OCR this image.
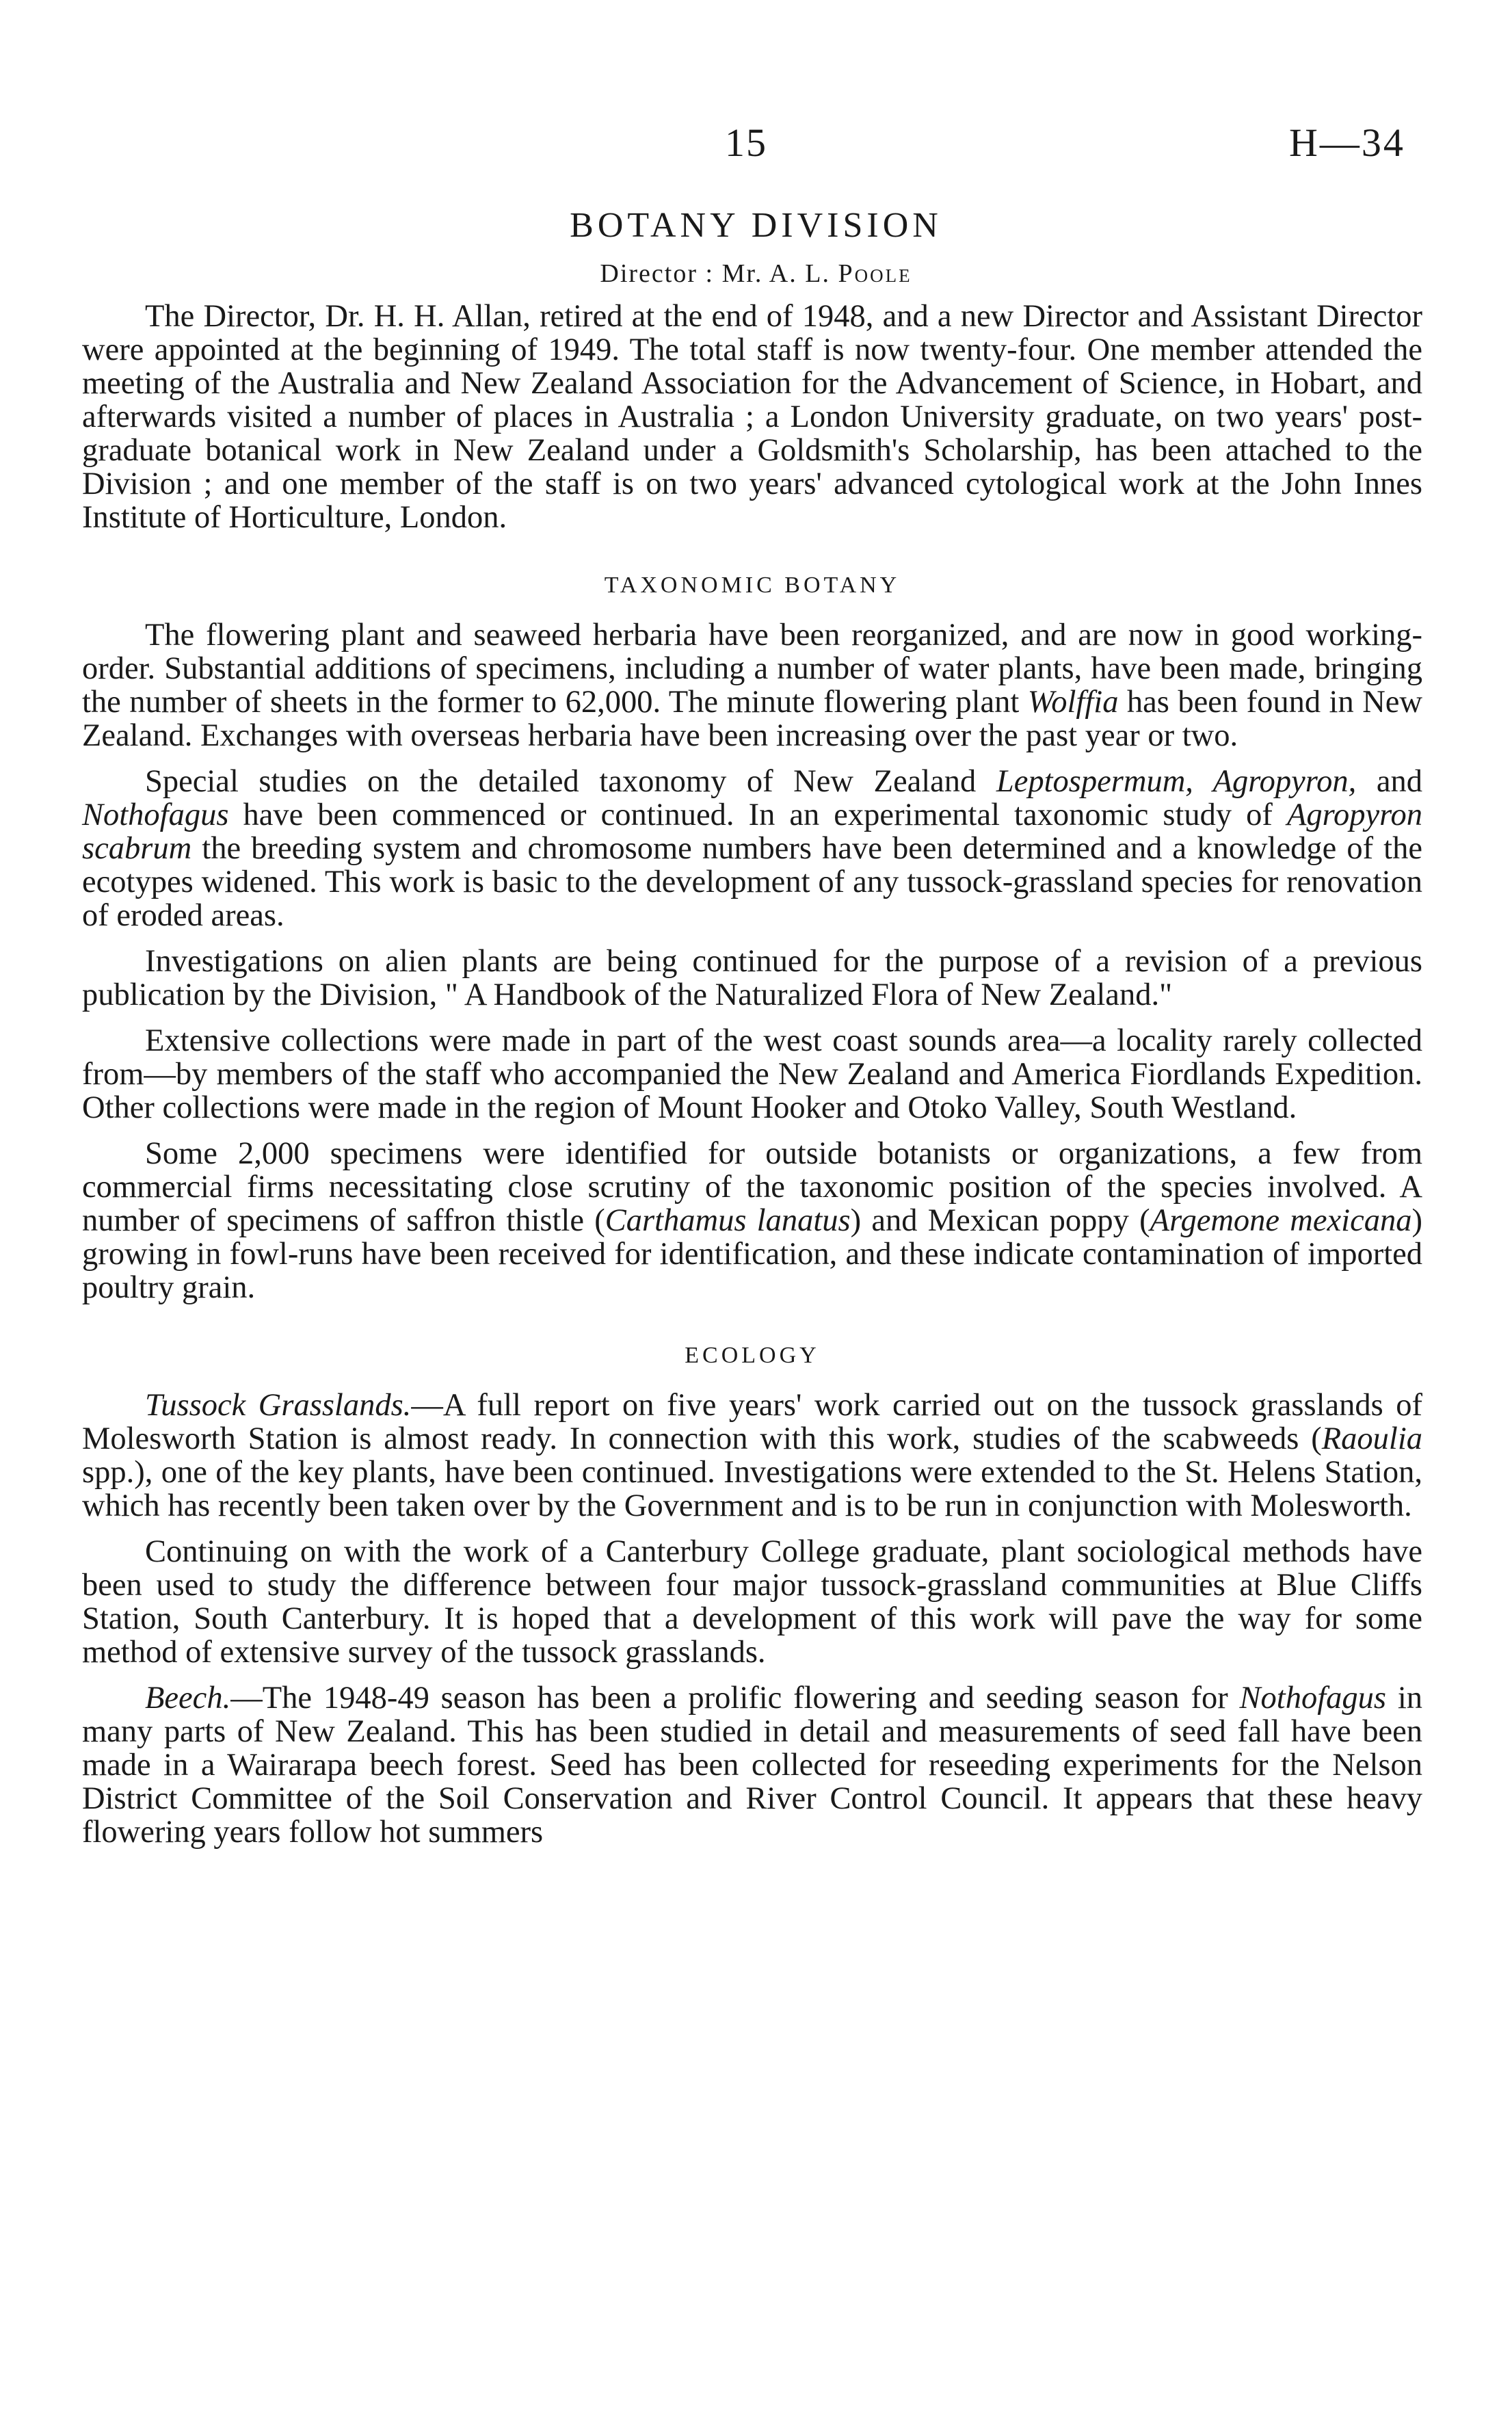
15	H—34
BOTANY DIVISION
Director : Mr. A. L. Poole

The Director, Dr. H. H. Allan, retired at the end of 1948, and a new Director and Assistant Director were appointed at the beginning of 1949. The total staff is now twenty-four. One member attended the meeting of the Australia and New Zealand Association for the Advancement of Science, in Hobart, and afterwards visited a number of places in Australia ; a London University graduate, on two years' post-graduate botanical work in New Zealand under a Goldsmith's Scholarship, has been attached to the Division ; and one member of the staff is on two years' advanced cytological work at the John Innes Institute of Horticulture, London.

TAXONOMIC BOTANY

The flowering plant and seaweed herbaria have been reorganized, and are now in good working-order. Substantial additions of specimens, including a number of water plants, have been made, bringing the number of sheets in the former to 62,000. The minute flowering plant Wolffia has been found in New Zealand. Exchanges with overseas herbaria have been increasing over the past year or two.

Special studies on the detailed taxonomy of New Zealand Leptospermum, Agropyron, and Nothofagus have been commenced or continued. In an experimental taxonomic study of Agropyron scabrum the breeding system and chromosome numbers have been determined and a knowledge of the ecotypes widened. This work is basic to the development of any tussock-grassland species for renovation of eroded areas.

Investigations on alien plants are being continued for the purpose of a revision of a previous publication by the Division, " A Handbook of the Naturalized Flora of New Zealand."

Extensive collections were made in part of the west coast sounds area—a locality rarely collected from—by members of the staff who accompanied the New Zealand and America Fiordlands Expedition. Other collections were made in the region of Mount Hooker and Otoko Valley, South Westland.

Some 2,000 specimens were identified for outside botanists or organizations, a few from commercial firms necessitating close scrutiny of the taxonomic position of the species involved. A number of specimens of saffron thistle (Carthamus lanatus) and Mexican poppy (Argemone mexicana) growing in fowl-runs have been received for identification, and these indicate contamination of imported poultry grain.

ECOLOGY

Tussock Grasslands.—A full report on five years' work carried out on the tussock grasslands of Molesworth Station is almost ready. In connection with this work, studies of the scabweeds (Raoulia spp.), one of the key plants, have been continued. Investigations were extended to the St. Helens Station, which has recently been taken over by the Government and is to be run in conjunction with Molesworth.

Continuing on with the work of a Canterbury College graduate, plant sociological methods have been used to study the difference between four major tussock-grassland communities at Blue Cliffs Station, South Canterbury. It is hoped that a development of this work will pave the way for some method of extensive survey of the tussock grasslands.

Beech.—The 1948-49 season has been a prolific flowering and seeding season for Nothofagus in many parts of New Zealand. This has been studied in detail and measurements of seed fall have been made in a Wairarapa beech forest. Seed has been collected for reseeding experiments for the Nelson District Committee of the Soil Conservation and River Control Council. It appears that these heavy flowering years follow hot summers
